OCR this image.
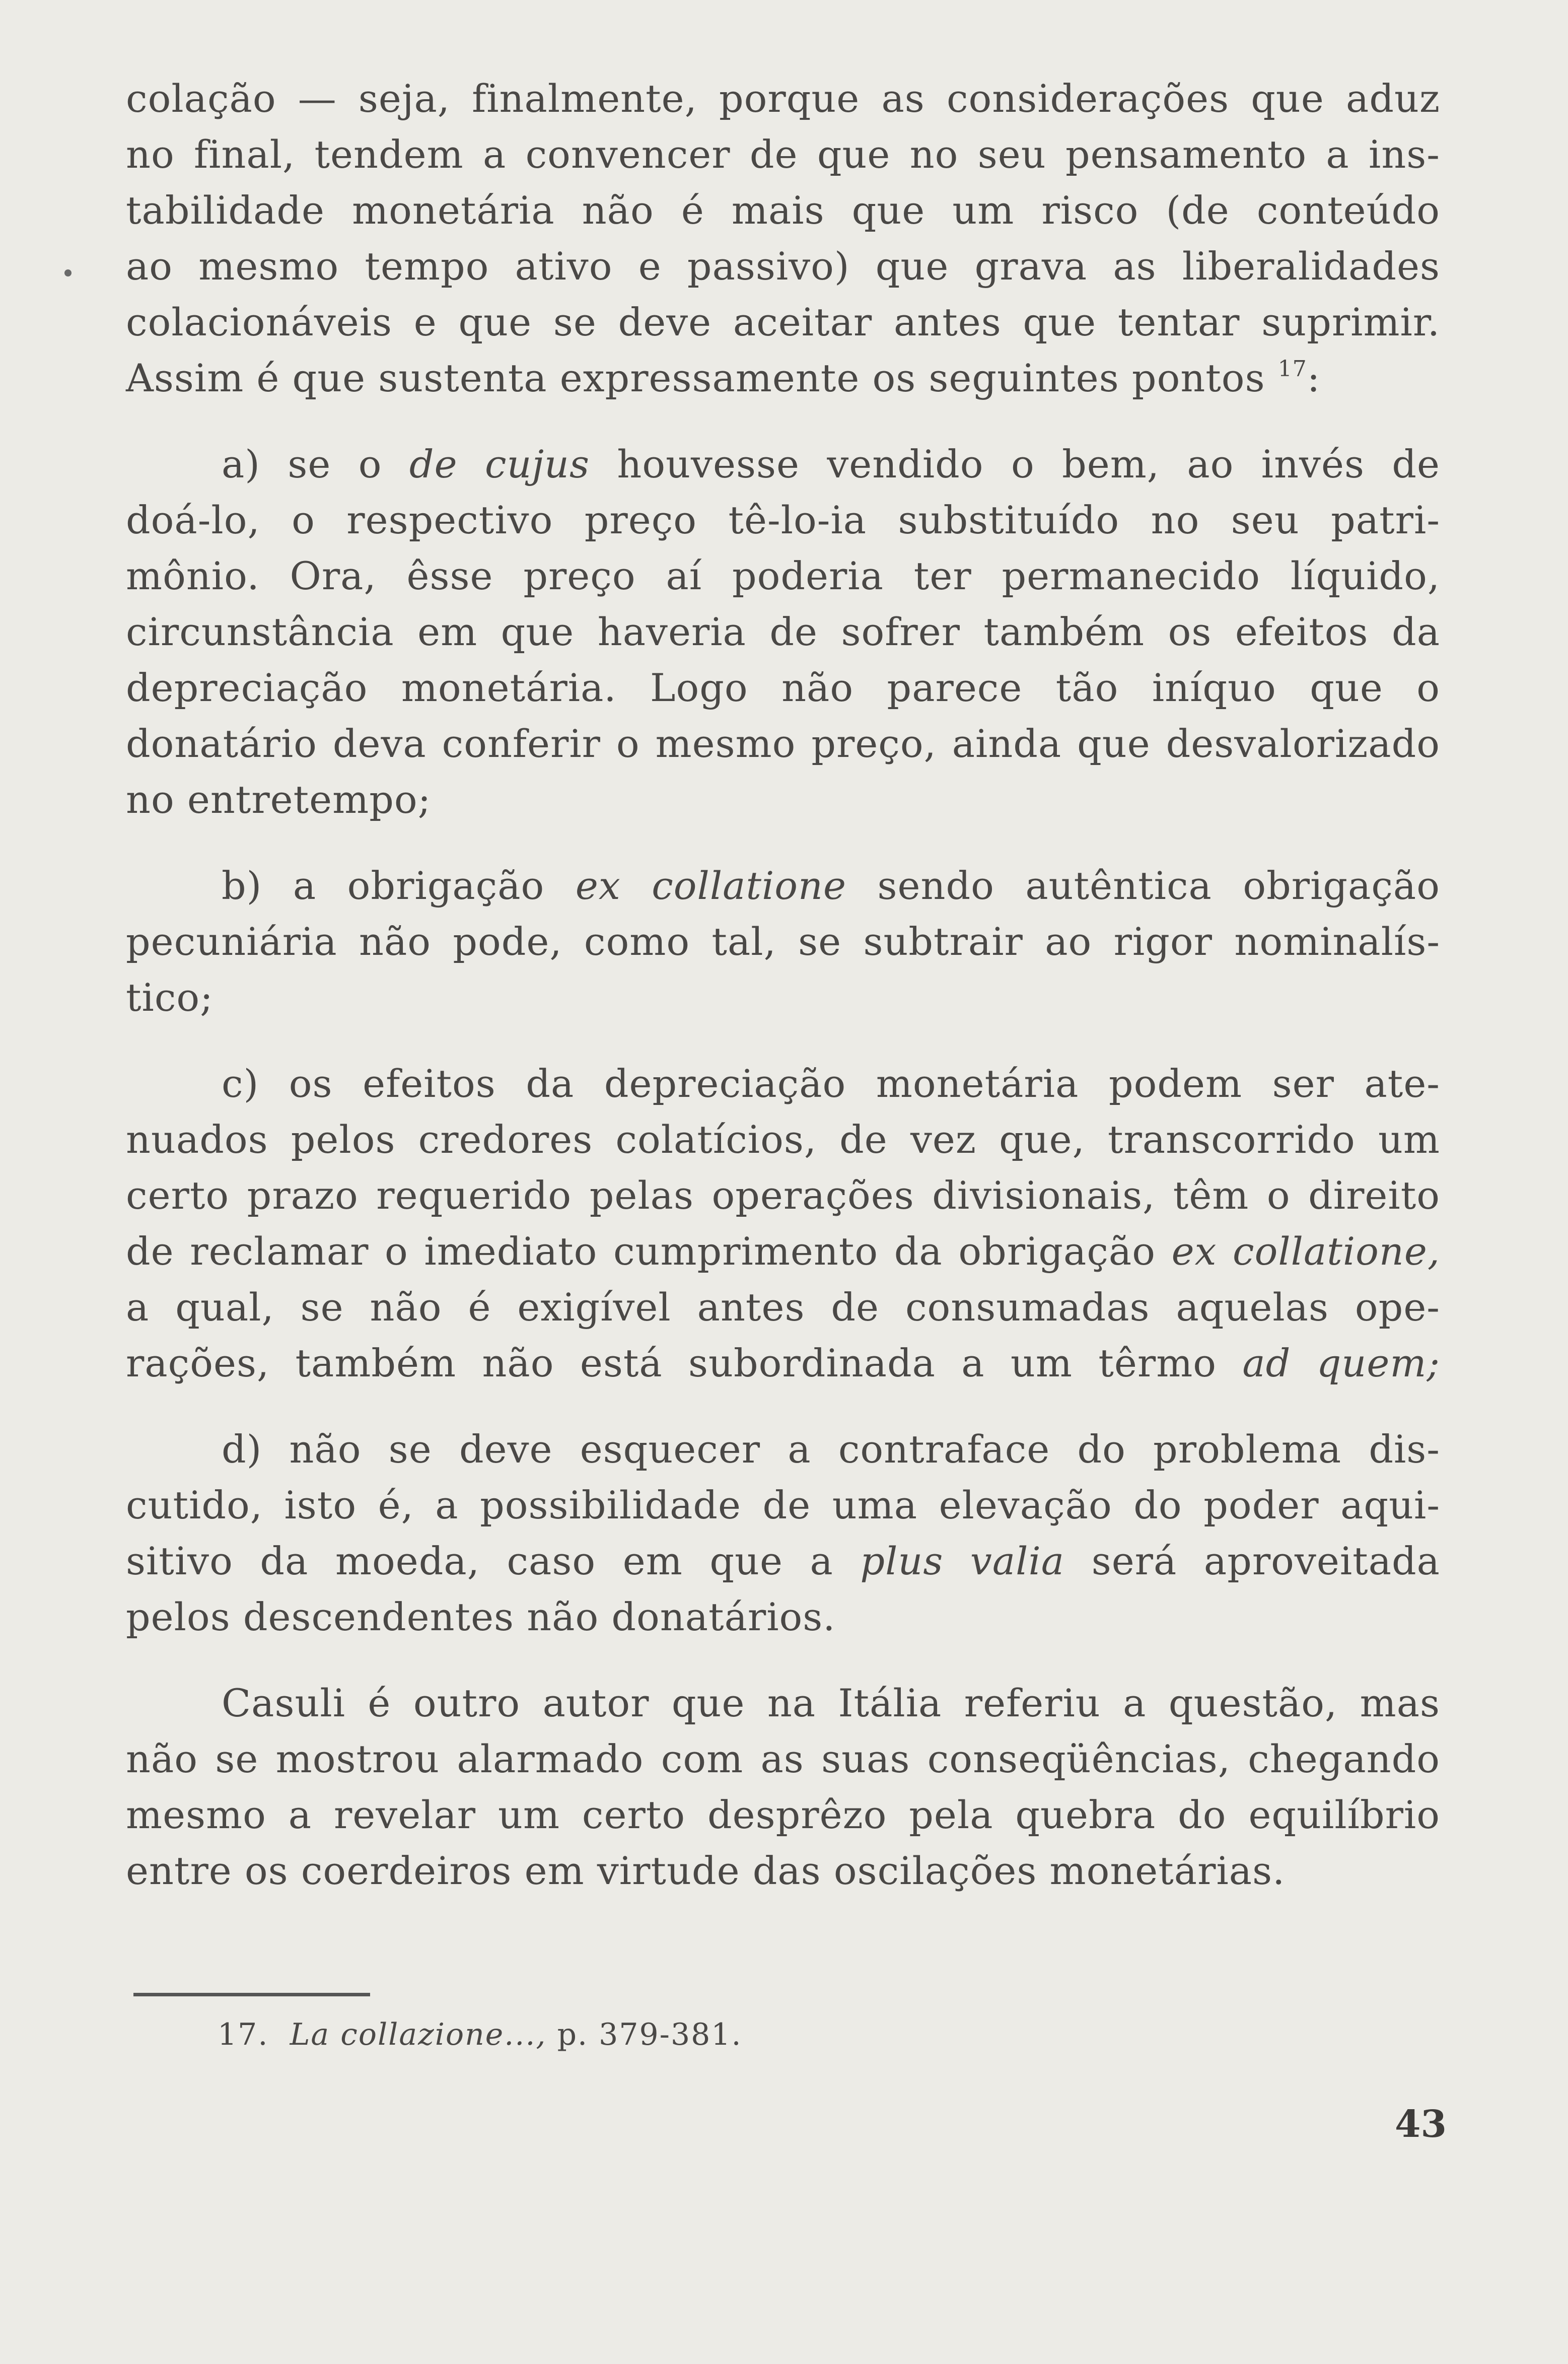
colação — seja, finalmente, porque as considerações que aduz
no final, tendem a convencer de que no seu pensamento a ins-
tabilidade monetária não é mais que um risco (de conteúdo
ao mesmo tempo ativo e passivo) que grava as liberalidades
colacionáveis e que se deve aceitar antes que tentar suprimir.
Assim é que sustenta expressamente os seguintes pontos $^{17}$:
a) se o de cujus houvesse vendido o bem, ao invés de
doá-lo, o respectivo preço tê-lo-ia substituído no seu patri-
mônio. Ora, êsse preço aí poderia ter permanecido líquido,
circunstância em que haveria de sofrer também os efeitos da
depreciação monetária. Logo não parece tão iníquo que o
donatário deva conferir o mesmo preço, ainda que desvalorizado
no entretempo;
b) a obrigação ex collatione sendo autêntica obrigação
pecuniária não pode, como tal, se subtrair ao rigor nominalís-
tico;
c) os efeitos da depreciação monetária podem ser ate-
nuados pelos credores colatícios, de vez que, transcorrido um
certo prazo requerido pelas operações divisionais, têm o direito
de reclamar o imediato cumprimento da obrigação ex collatione,
a qual, se não é exigível antes de consumadas aquelas ope-
rações, também não está subordinada a um têrmo ad quem;
d) não se deve esquecer a contraface do problema dis-
cutido, isto é, a possibilidade de uma elevação do poder aqui-
sitivo da moeda, caso em que a plus valia será aproveitada
pelos descendentes não donatários.
Casuli é outro autor que na Itália referiu a questão, mas
não se mostrou alarmado com as suas conseqüências, chegando
mesmo a revelar um certo desprêzo pela quebra do equilíbrio
entre os coerdeiros em virtude das oscilações monetárias.
17. La collazione..., p. 379-381.
43
